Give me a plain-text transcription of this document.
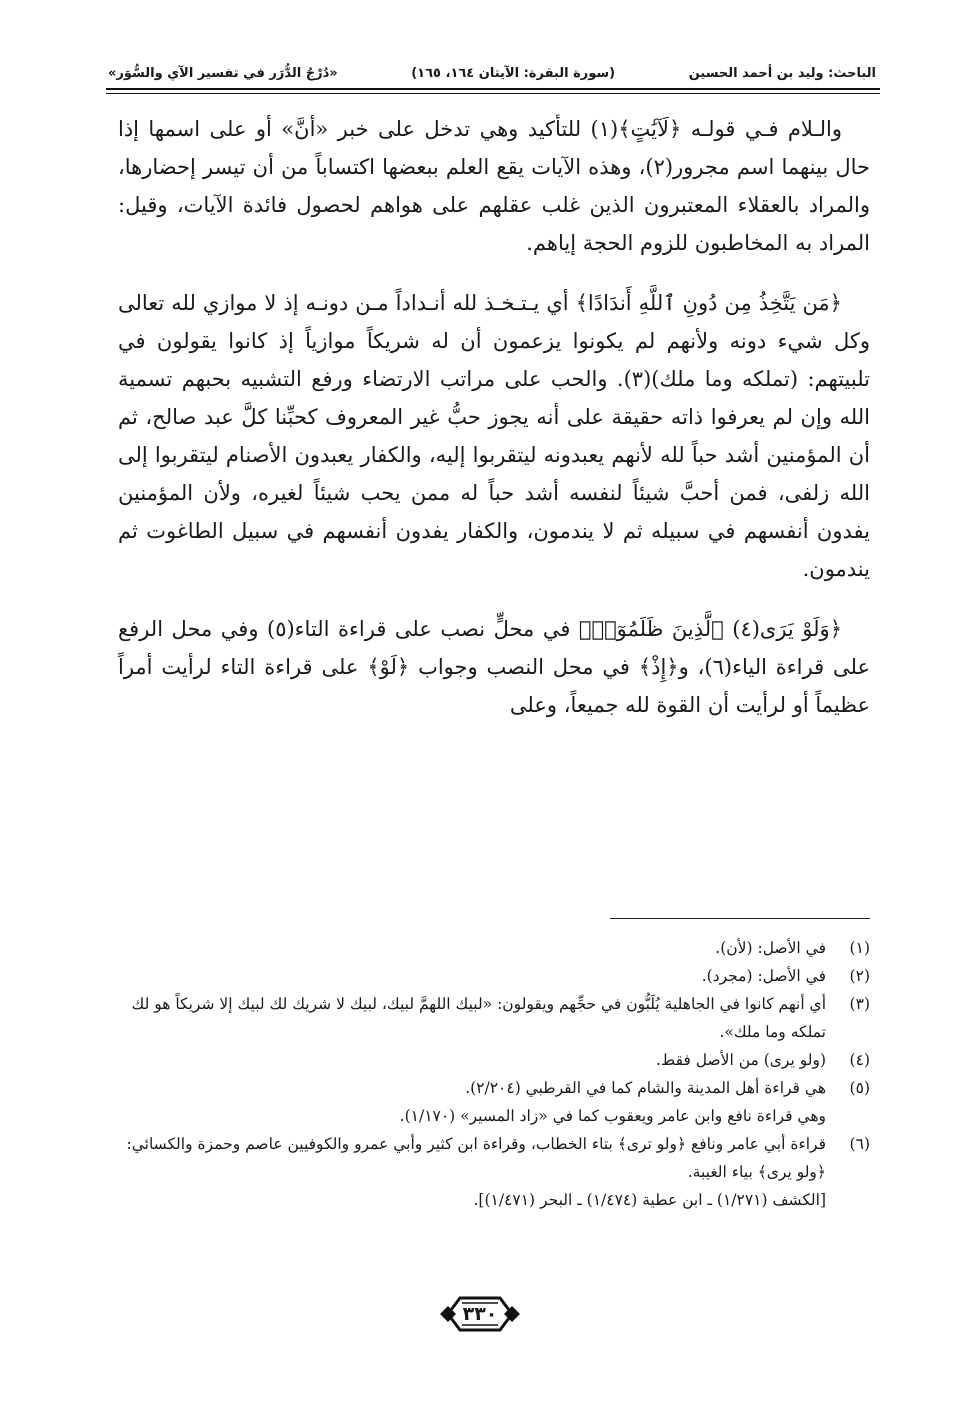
الباحث: وليد بن أحمد الحسين
(سورة البقرة: الآيتان ١٦٤، ١٦٥)
«دُرْجُ الدُّرَر في تفسير الآي والسُّوَر»

والـلام فـي قولـه ﴿لَآيَٰتٍ﴾(١) للتأكيد وهي تدخل على خبر «أنَّ» أو على اسمها إذا حال بينهما اسم مجرور(٢)، وهذه الآيات يقع العلم ببعضها اكتساباً من أن تيسر إحضارها، والمراد بالعقلاء المعتبرون الذين غلب عقلهم على هواهم لحصول فائدة الآيات، وقيل: المراد به المخاطبون للزوم الحجة إياهم.

﴿مَن يَتَّخِذُ مِن دُونِ ٱللَّهِ أَندَادًا﴾ أي يـتـخـذ لله أنـداداً مـن دونـه إذ لا موازي لله تعالى وكل شيء دونه ولأنهم لم يكونوا يزعمون أن له شريكاً موازياً إذ كانوا يقولون في تلبيتهم: (تملكه وما ملك)(٣). والحب على مراتب الارتضاء ورفع التشبيه بحبهم تسمية الله وإن لم يعرفوا ذاته حقيقة على أنه يجوز حبُّ غير المعروف كحبِّنا كلَّ عبد صالح، ثم أن المؤمنين أشد حباً لله لأنهم يعبدونه ليتقربوا إليه، والكفار يعبدون الأصنام ليتقربوا إلى الله زلفى، فمن أحبَّ شيئاً لنفسه أشد حباً له ممن يحب شيئاً لغيره، ولأن المؤمنين يفدون أنفسهم في سبيله ثم لا يندمون، والكفار يفدون أنفسهم في سبيل الطاغوت ثم يندمون.

﴿وَلَوْ يَرَى(٤) ٱلَّذِينَ ظَلَمُوٓا۟﴾ في محلٍّ نصب على قراءة التاء(٥) وفي محل الرفع على قراءة الياء(٦)، و﴿إِذْ﴾ في محل النصب وجواب ﴿لَوْ﴾ على قراءة التاء لرأيت أمراً عظيماً أو لرأيت أن القوة لله جميعاً، وعلى

(١)
في الأصل: (لأن).
(٢)
في الأصل: (مجرد).
(٣)
أي أنهم كانوا في الجاهلية يُلَبُّون في حجِّهم ويقولون: «لبيك اللهمَّ لبيك، لبيك لا شريك لك لبيك إلا شريكاً هو لك تملكه وما ملك».
(٤)
(ولو يرى) من الأصل فقط.
(٥)
هي قراءة أهل المدينة والشام كما في القرطبي (٢/٢٠٤).
وهي قراءة نافع وابن عامر ويعقوب كما في «زاد المسير» (١/١٧٠).
(٦)
قراءة أبي عامر ونافع ﴿ولو ترى﴾ بتاء الخطاب، وقراءة ابن كثير وأبي عمرو والكوفيين عاصم وحمزة والكسائي: ﴿ولو يرى﴾ بياء الغيبة.
[الكشف (١/٢٧١) ـ ابن عطية (١/٤٧٤) ـ البحر (١/٤٧١)].
٣٣٠
